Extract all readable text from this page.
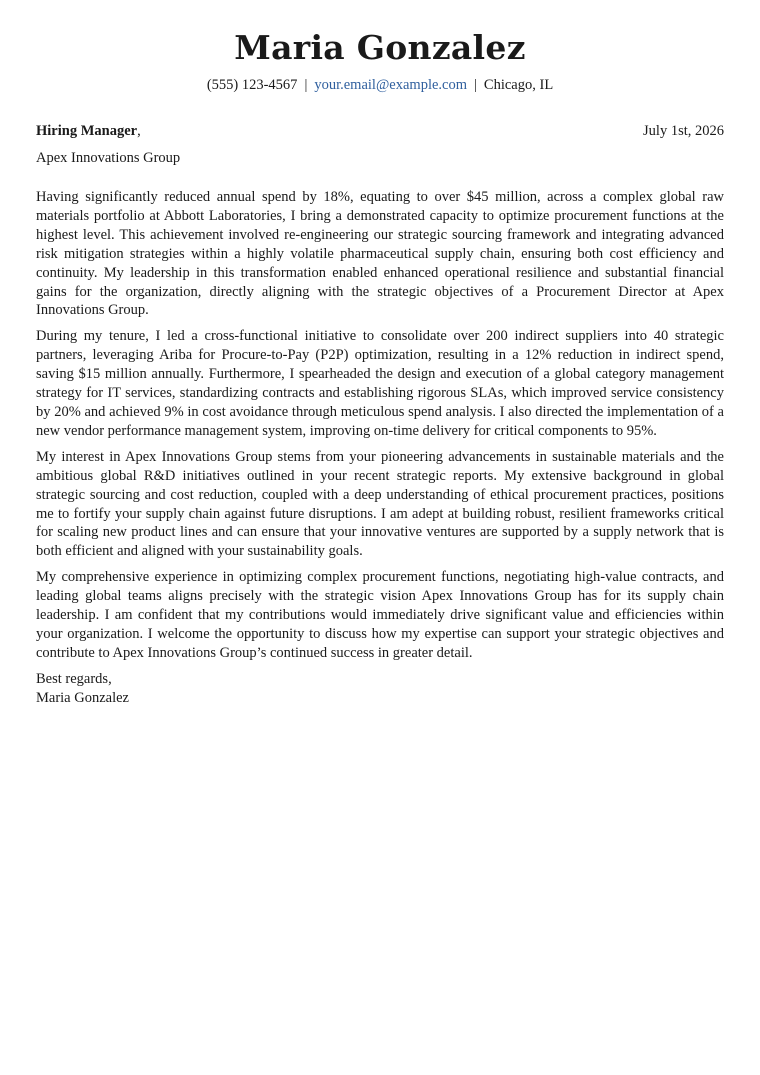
Maria Gonzalez
(555) 123-4567 | your.email@example.com | Chicago, IL
Hiring Manager,	July 1st, 2026
Apex Innovations Group

Having significantly reduced annual spend by 18%, equating to over $45 million, across a complex global raw materials portfolio at Abbott Laboratories, I bring a demonstrated capacity to optimize procurement functions at the highest level. This achievement involved re-engineering our strategic sourcing framework and integrating advanced risk mitigation strategies within a highly volatile pharmaceutical supply chain, ensuring both cost efficiency and continuity. My leadership in this transformation enabled enhanced operational resilience and substantial financial gains for the organization, directly aligning with the strategic objectives of a Procurement Director at Apex Innovations Group.

During my tenure, I led a cross-functional initiative to consolidate over 200 indirect suppliers into 40 strategic partners, leveraging Ariba for Procure-to-Pay (P2P) optimization, resulting in a 12% reduction in indirect spend, saving $15 million annually. Furthermore, I spearheaded the design and execution of a global category management strategy for IT services, standardizing contracts and establishing rigorous SLAs, which improved service consistency by 20% and achieved 9% in cost avoidance through meticulous spend analysis. I also directed the implementation of a new vendor performance management system, improving on-time delivery for critical components to 95%.

My interest in Apex Innovations Group stems from your pioneering advancements in sustainable materials and the ambitious global R&D initiatives outlined in your recent strategic reports. My extensive background in global strategic sourcing and cost reduction, coupled with a deep understanding of ethical procurement practices, positions me to fortify your supply chain against future disruptions. I am adept at building robust, resilient frameworks critical for scaling new product lines and can ensure that your innovative ventures are supported by a supply network that is both efficient and aligned with your sustainability goals.

My comprehensive experience in optimizing complex procurement functions, negotiating high-value contracts, and leading global teams aligns precisely with the strategic vision Apex Innovations Group has for its supply chain leadership. I am confident that my contributions would immediately drive significant value and efficiencies within your organization. I welcome the opportunity to discuss how my expertise can support your strategic objectives and contribute to Apex Innovations Group’s continued success in greater detail.

Best regards,
Maria Gonzalez
